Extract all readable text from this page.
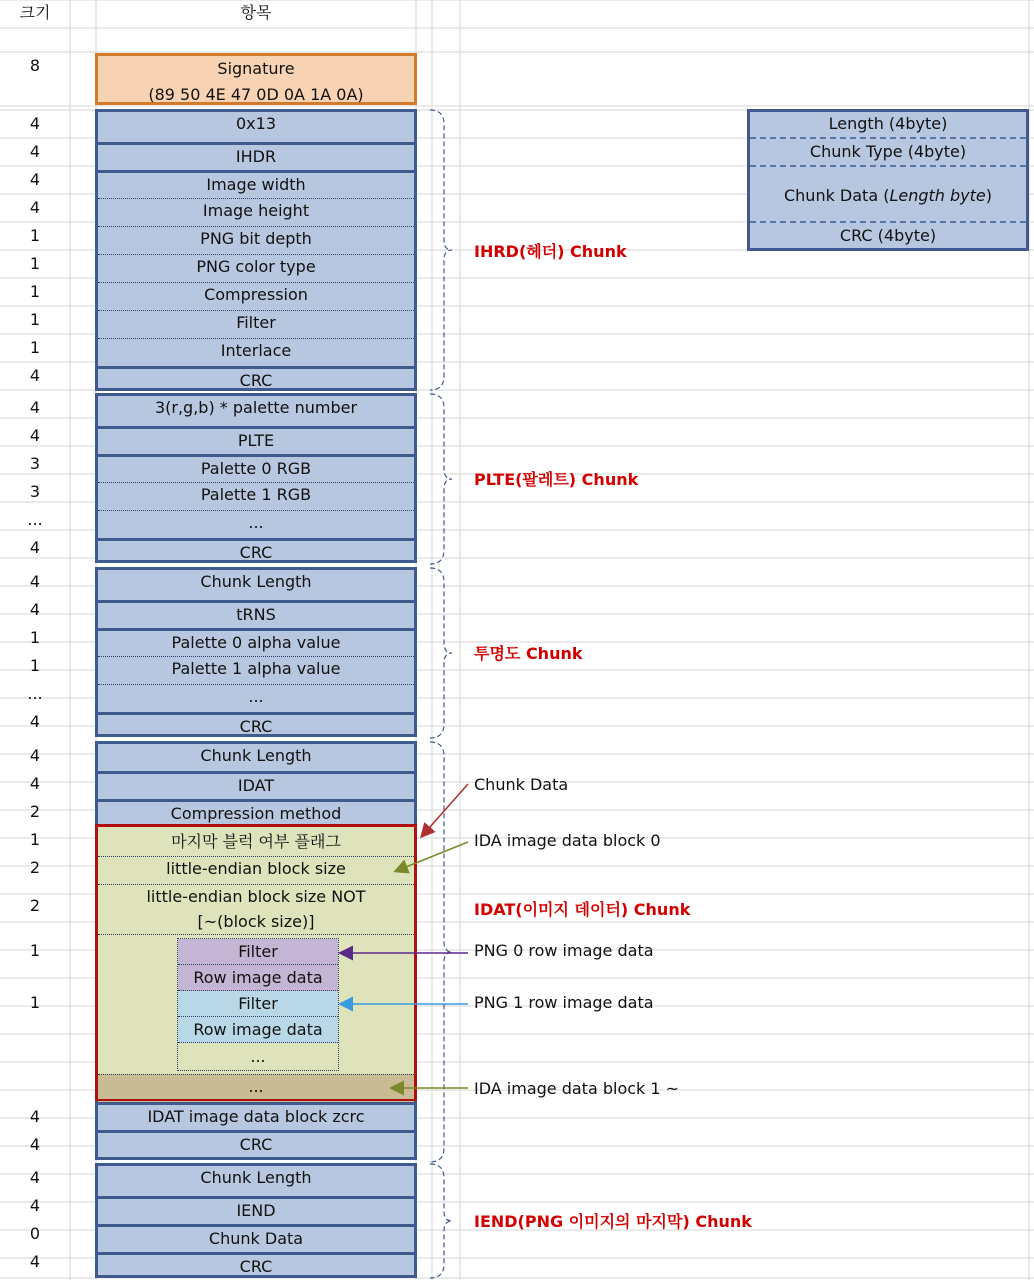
크기	항목
8	Signature
(89 50 4E 47 0D 0A 1A 0A)
4
4
4
4
1
1
1
1
1
4
0x13
IHDR
Image width
Image height
PNG bit depth
PNG color type
Compression
Filter
Interlace
CRC
4
4
3
3
...
4
3(r,g,b) * palette number
PLTE
Palette 0 RGB
Palette 1 RGB
...
CRC
4
4
1
1
...
4
Chunk Length
tRNS
Palette 0 alpha value
Palette 1 alpha value
...
CRC
4
4
2
1
2
2
1
1
4
4
Chunk Length
IDAT
Compression method
IDAT image data block zcrc
CRC
마지막 블럭 여부 플래그
little-endian block size
little-endian block size NOT
[~(block size)]
Filter
Row image data
Filter
Row image data
...
...
4
4
0
4
Chunk Length
IEND
Chunk Data
CRC
IHRD(헤더) Chunk
PLTE(팔레트) Chunk
투명도 Chunk
IDAT(이미지 데이터) Chunk
IEND(PNG 이미지의 마지막) Chunk
Chunk Data
IDA image data block 0
PNG 0 row image data
PNG 1 row image data
IDA image data block 1 ~
Length (4byte)
Chunk Type (4byte)
Chunk Data (Length byte)
CRC (4byte)
